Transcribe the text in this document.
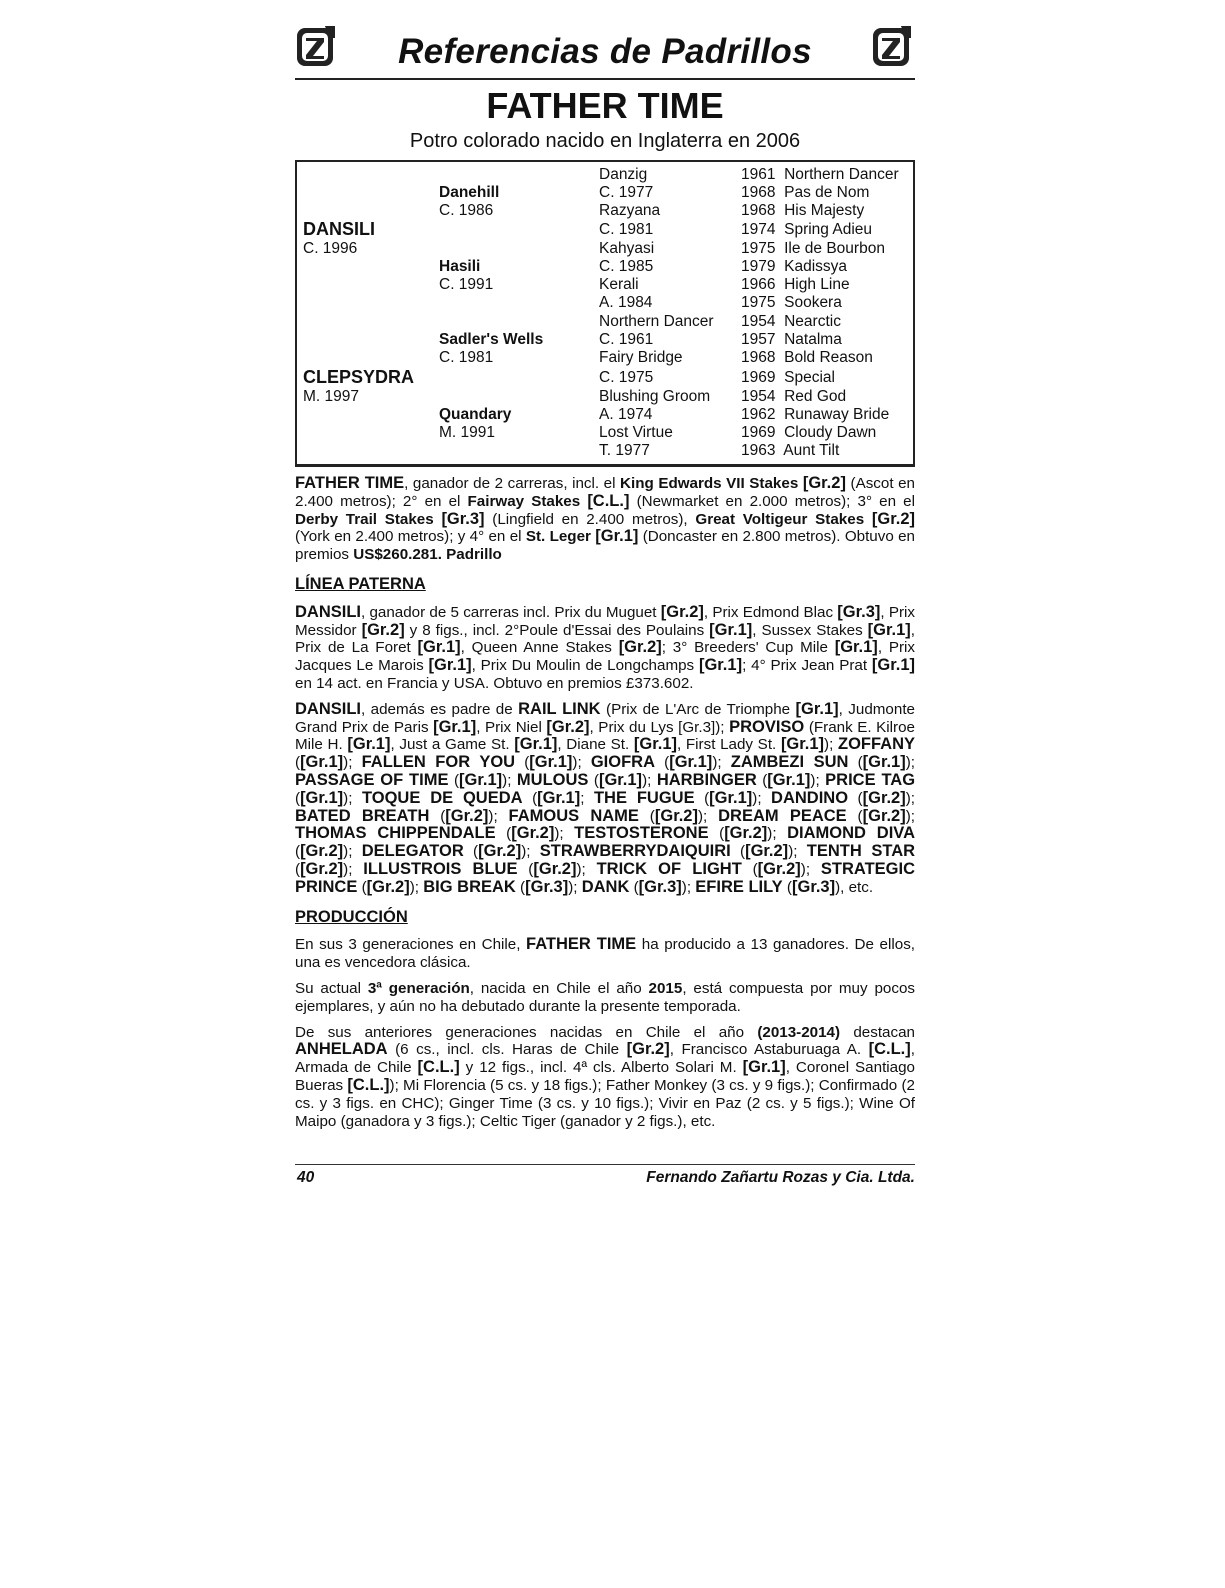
Referencias de Padrillos
FATHER TIME
Potro colorado nacido en Inglaterra en 2006
DANSILI
C. 1996
CLEPSYDRA
M. 1997
Danehill
C. 1986
Hasili
C. 1991
Sadler's Wells
C. 1981
Quandary
M. 1991
Danzig
C. 1977
Razyana
C. 1981
Kahyasi
C. 1985
Kerali
A. 1984
Northern Dancer
C. 1961
Fairy Bridge
C. 1975
Blushing Groom
A. 1974
Lost Virtue
T. 1977
1961 Northern Dancer
1968 Pas de Nom
1968 His Majesty
1974 Spring Adieu
1975 Ile de Bourbon
1979 Kadissya
1966 High Line
1975 Sookera
1954 Nearctic
1957 Natalma
1968 Bold Reason
1969 Special
1954 Red God
1962 Runaway Bride
1969 Cloudy Dawn
1963 Aunt Tilt

FATHER TIME, ganador de 2 carreras, incl. el King Edwards VII Stakes [Gr.2] (Ascot en 2.400 metros); 2° en el Fairway Stakes [C.L.] (Newmarket en 2.000 metros); 3° en el Derby Trail Stakes [Gr.3] (Lingfield en 2.400 metros), Great Voltigeur Stakes [Gr.2] (York en 2.400 metros); y 4° en el St. Leger [Gr.1] (Doncaster en 2.800 metros). Obtuvo en premios US$260.281. Padrillo

LÍNEA PATERNA

DANSILI, ganador de 5 carreras incl. Prix du Muguet [Gr.2], Prix Edmond Blac [Gr.3], Prix Messidor [Gr.2] y 8 figs., incl. 2°Poule d'Essai des Poulains [Gr.1], Sussex Stakes [Gr.1], Prix de La Foret [Gr.1], Queen Anne Stakes [Gr.2]; 3° Breeders' Cup Mile [Gr.1], Prix Jacques Le Marois [Gr.1], Prix Du Moulin de Longchamps [Gr.1]; 4° Prix Jean Prat [Gr.1] en 14 act. en Francia y USA. Obtuvo en premios £373.602.

DANSILI, además es padre de RAIL LINK (Prix de L'Arc de Triomphe [Gr.1], Judmonte Grand Prix de Paris [Gr.1], Prix Niel [Gr.2], Prix du Lys [Gr.3]); PROVISO (Frank E. Kilroe Mile H. [Gr.1], Just a Game St. [Gr.1], Diane St. [Gr.1], First Lady St. [Gr.1]); ZOFFANY ([Gr.1]); FALLEN FOR YOU ([Gr.1]); GIOFRA ([Gr.1]); ZAMBEZI SUN ([Gr.1]); PASSAGE OF TIME ([Gr.1]); MULOUS ([Gr.1]); HARBINGER ([Gr.1]); PRICE TAG ([Gr.1]); TOQUE DE QUEDA ([Gr.1]; THE FUGUE ([Gr.1]); DANDINO ([Gr.2]); BATED BREATH ([Gr.2]); FAMOUS NAME ([Gr.2]); DREAM PEACE ([Gr.2]); THOMAS CHIPPENDALE ([Gr.2]); TESTOSTERONE ([Gr.2]); DIAMOND DIVA ([Gr.2]); DELEGATOR ([Gr.2]); STRAWBERRYDAIQUIRI ([Gr.2]); TENTH STAR ([Gr.2]); ILLUSTROIS BLUE ([Gr.2]); TRICK OF LIGHT ([Gr.2]); STRATEGIC PRINCE ([Gr.2]); BIG BREAK ([Gr.3]); DANK ([Gr.3]); EFIRE LILY ([Gr.3]), etc.

PRODUCCIÓN

En sus 3 generaciones en Chile, FATHER TIME ha producido a 13 ganadores. De ellos, una es vencedora clásica.

Su actual 3ª generación, nacida en Chile el año 2015, está compuesta por muy pocos ejemplares, y aún no ha debutado durante la presente temporada.

De sus anteriores generaciones nacidas en Chile el año (2013-2014) destacan ANHELADA (6 cs., incl. cls. Haras de Chile [Gr.2], Francisco Astaburuaga A. [C.L.], Armada de Chile [C.L.] y 12 figs., incl. 4ª cls. Alberto Solari M. [Gr.1], Coronel Santiago Bueras [C.L.]); Mi Florencia (5 cs. y 18 figs.); Father Monkey (3 cs. y 9 figs.); Confirmado (2 cs. y 3 figs. en CHC); Ginger Time (3 cs. y 10 figs.); Vivir en Paz (2 cs. y 5 figs.); Wine Of Maipo (ganadora y 3 figs.); Celtic Tiger (ganador y 2 figs.), etc.

40	Fernando Zañartu Rozas y Cia. Ltda.
